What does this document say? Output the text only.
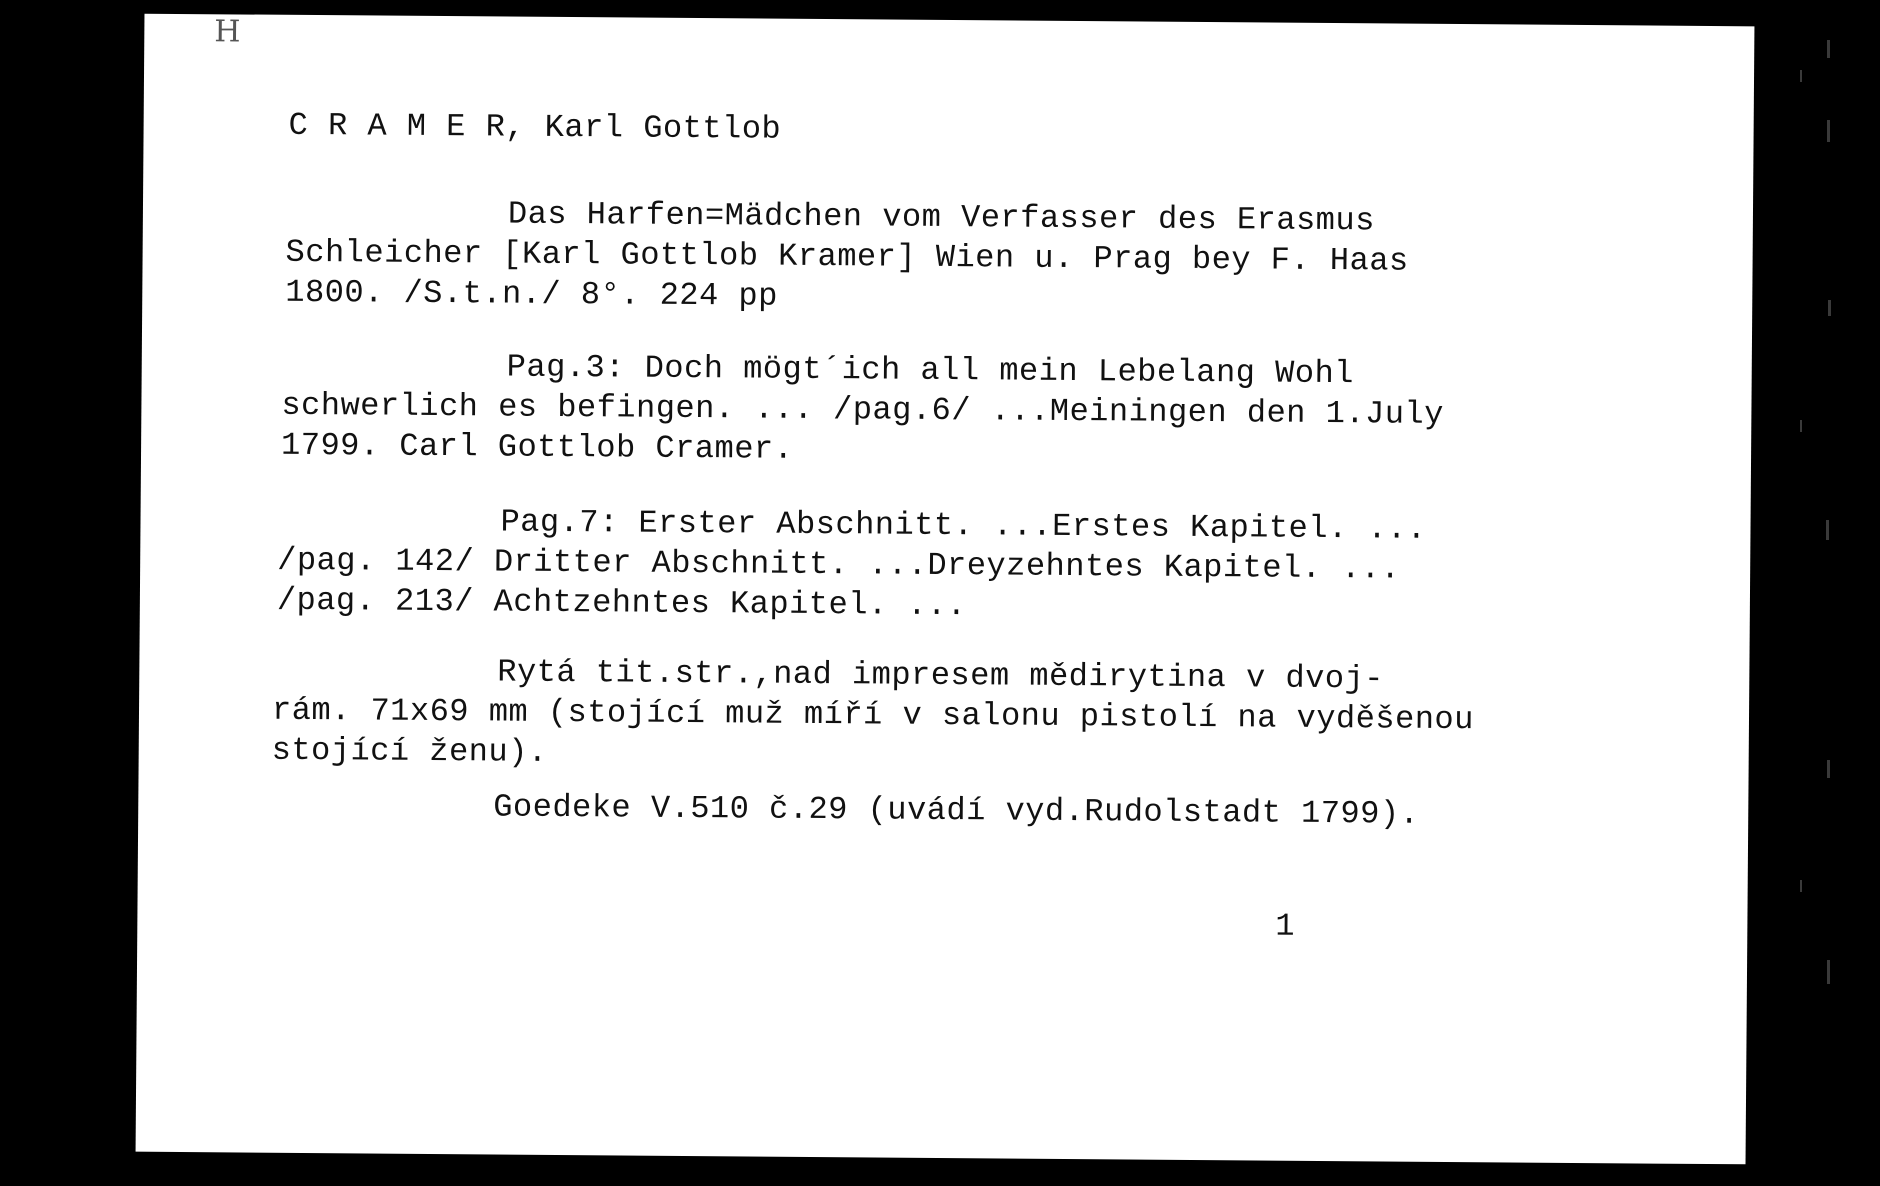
H
C R A M E R, Karl Gottlob
Das Harfen=Mädchen vom Verfasser des Erasmus
Schleicher [Karl Gottlob Kramer] Wien u. Prag bey F. Haas
1800. /S.t.n./ 8°. 224 pp
Pag.3: Doch mögt´ich all mein Lebelang Wohl
schwerlich es befingen. ... /pag.6/ ...Meiningen den 1.July
1799. Carl Gottlob Cramer.
Pag.7: Erster Abschnitt. ...Erstes Kapitel. ...
/pag. 142/ Dritter Abschnitt. ...Dreyzehntes Kapitel. ...
/pag. 213/ Achtzehntes Kapitel. ...
Rytá tit.str.,nad impresem mědirytina v dvoj-
rám. 71x69 mm (stojící muž míří v salonu pistolí na vyděšenou
stojící ženu).
Goedeke V.510 č.29 (uvádí vyd.Rudolstadt 1799).
1
